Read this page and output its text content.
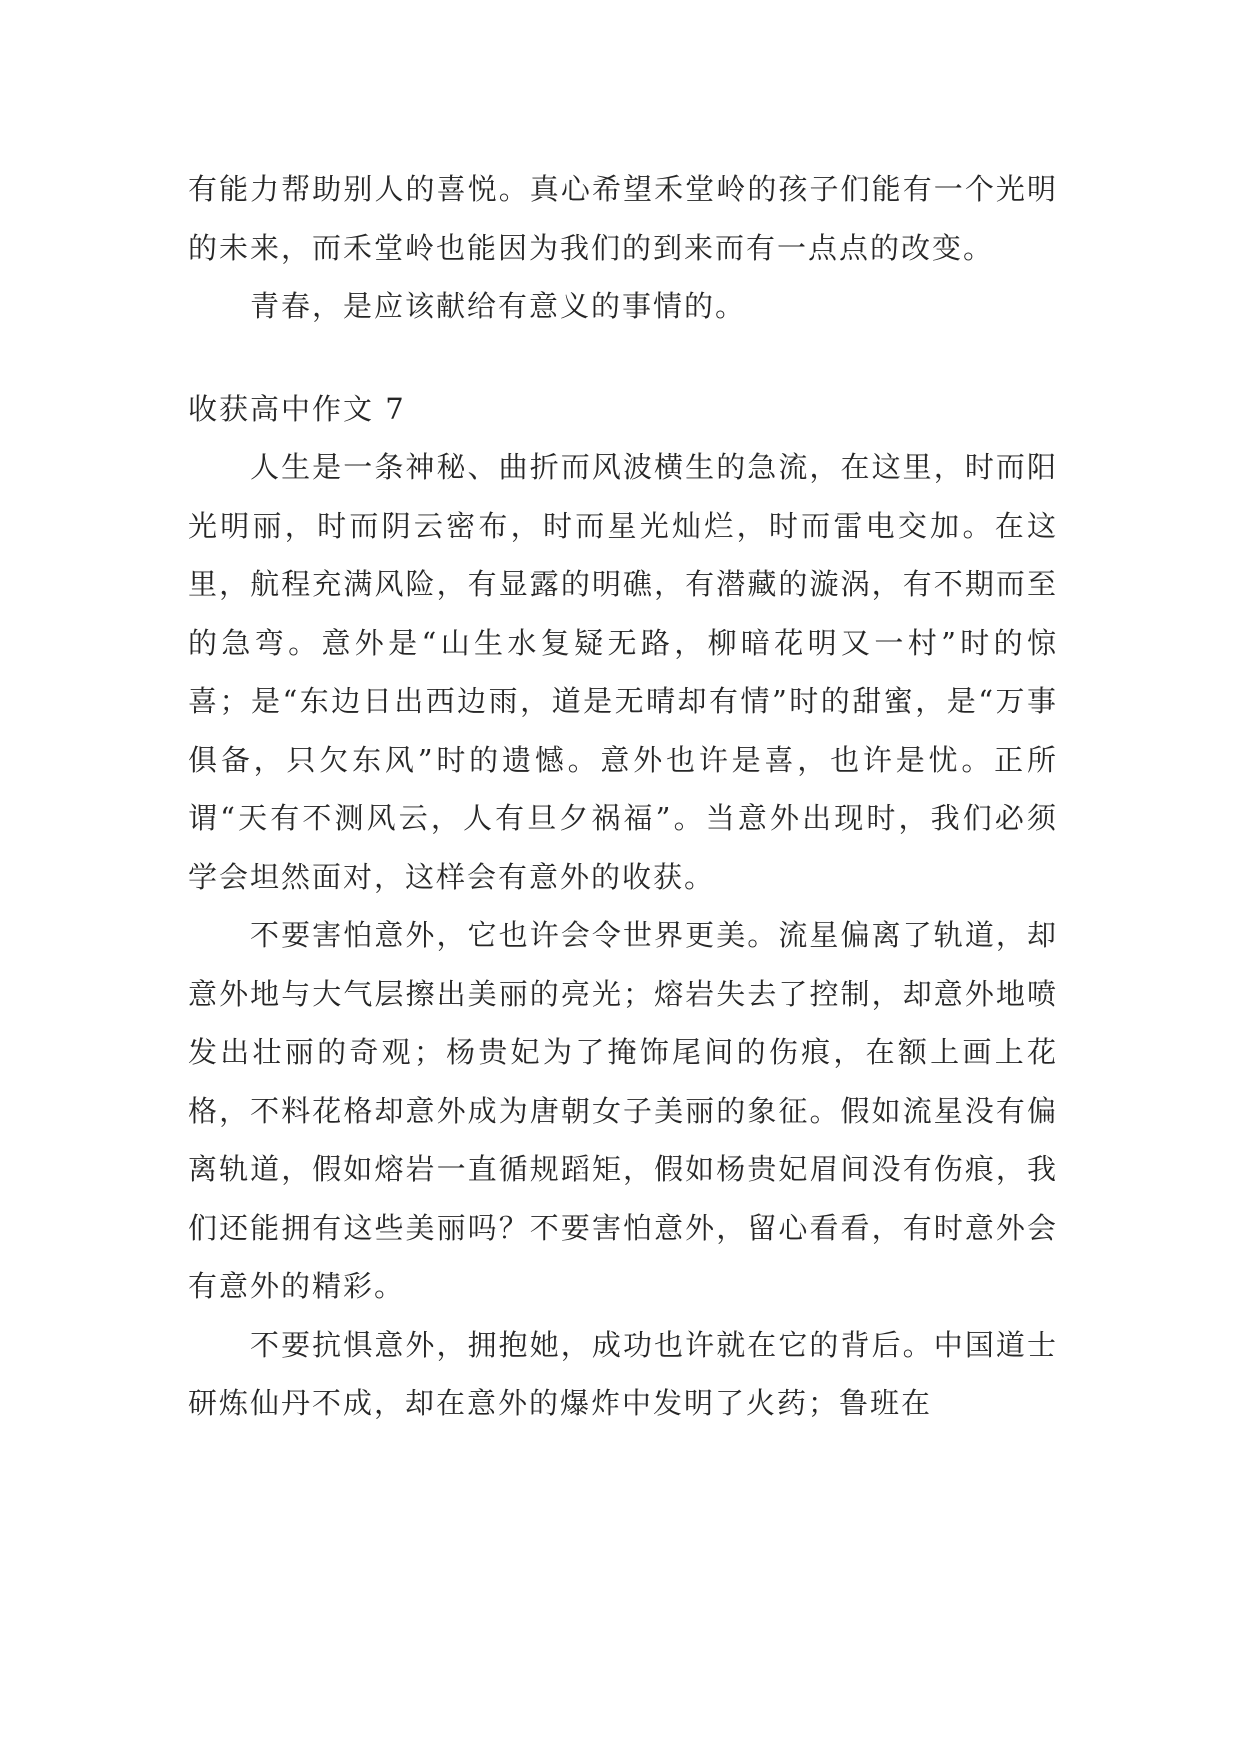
有能力帮助别人的喜悦。真心希望禾堂岭的孩子们能有一个光明的未来，而禾堂岭也能因为我们的到来而有一点点的改变。

青春，是应该献给有意义的事情的。

收获高中作文 7

人生是一条神秘、曲折而风波横生的急流，在这里，时而阳光明丽，时而阴云密布，时而星光灿烂，时而雷电交加。在这里，航程充满风险，有显露的明礁，有潜藏的漩涡，有不期而至的急弯。意外是“山生水复疑无路，柳暗花明又一村”时的惊喜；是“东边日出西边雨，道是无晴却有情”时的甜蜜，是“万事俱备，只欠东风”时的遗憾。意外也许是喜，也许是忧。正所谓“天有不测风云，人有旦夕祸福”。当意外出现时，我们必须学会坦然面对，这样会有意外的收获。

不要害怕意外，它也许会令世界更美。流星偏离了轨道，却意外地与大气层擦出美丽的亮光；熔岩失去了控制，却意外地喷发出壮丽的奇观；杨贵妃为了掩饰尾间的伤痕，在额上画上花格，不料花格却意外成为唐朝女子美丽的象征。假如流星没有偏离轨道，假如熔岩一直循规蹈矩，假如杨贵妃眉间没有伤痕，我们还能拥有这些美丽吗？不要害怕意外，留心看看，有时意外会有意外的精彩。

不要抗惧意外，拥抱她，成功也许就在它的背后。中国道士研炼仙丹不成，却在意外的爆炸中发明了火药；鲁班在
